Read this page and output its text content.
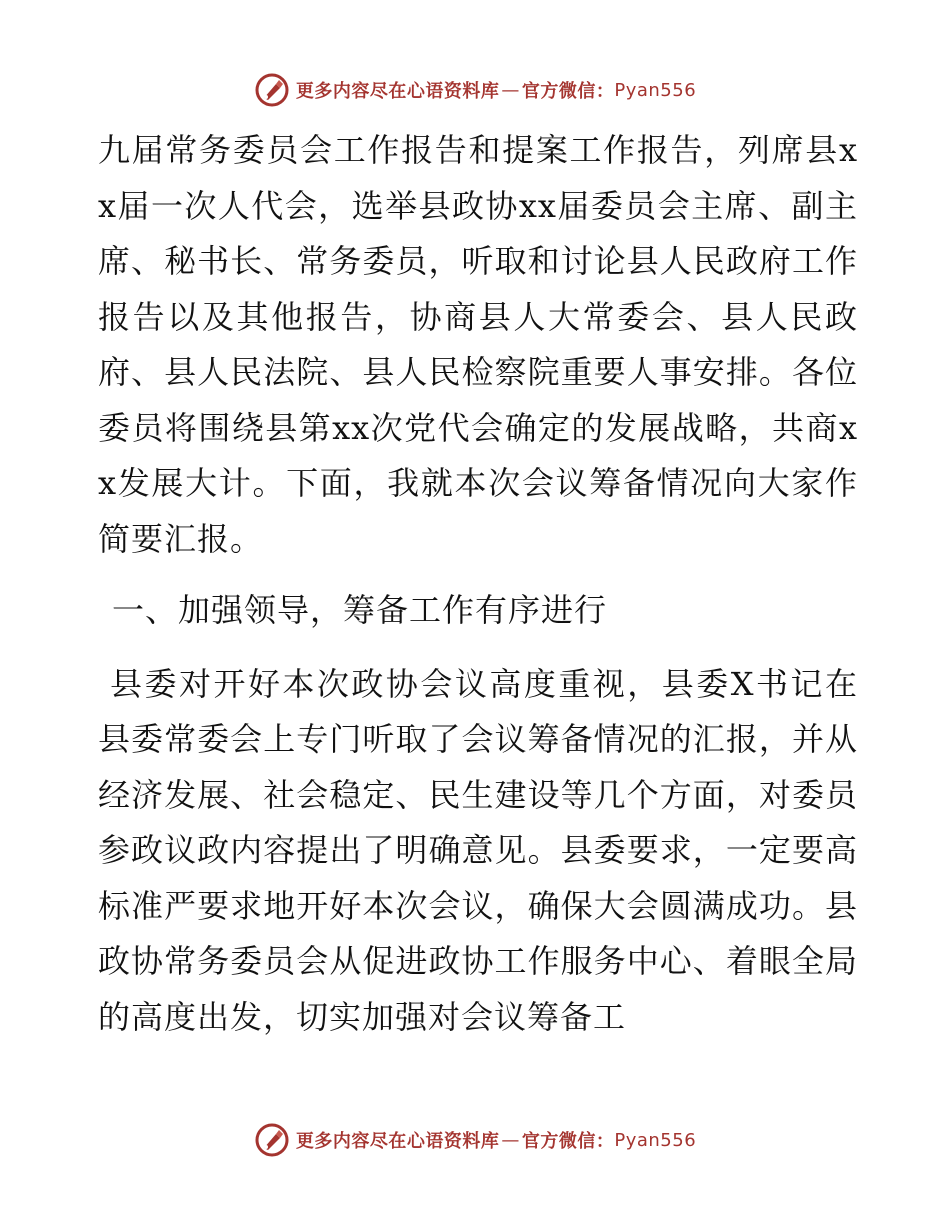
更多内容尽在心语资料库 — 官方微信： Pyan556

九届常务委员会工作报告和提案工作报告，列席县xx届一次人代会，选举县政协xx届委员会主席、副主席、秘书长、常务委员，听取和讨论县人民政府工作报告以及其他报告，协商县人大常委会、县人民政府、县人民法院、县人民检察院重要人事安排。各位委员将围绕县第xx次党代会确定的发展战略，共商xx发展大计。下面，我就本次会议筹备情况向大家作简要汇报。

一、加强领导，筹备工作有序进行

县委对开好本次政协会议高度重视，县委X书记在县委常委会上专门听取了会议筹备情况的汇报，并从经济发展、社会稳定、民生建设等几个方面，对委员参政议政内容提出了明确意见。县委要求，一定要高标准严要求地开好本次会议，确保大会圆满成功。县政协常务委员会从促进政协工作服务中心、着眼全局的高度出发，切实加强对会议筹备工

更多内容尽在心语资料库 — 官方微信： Pyan556
